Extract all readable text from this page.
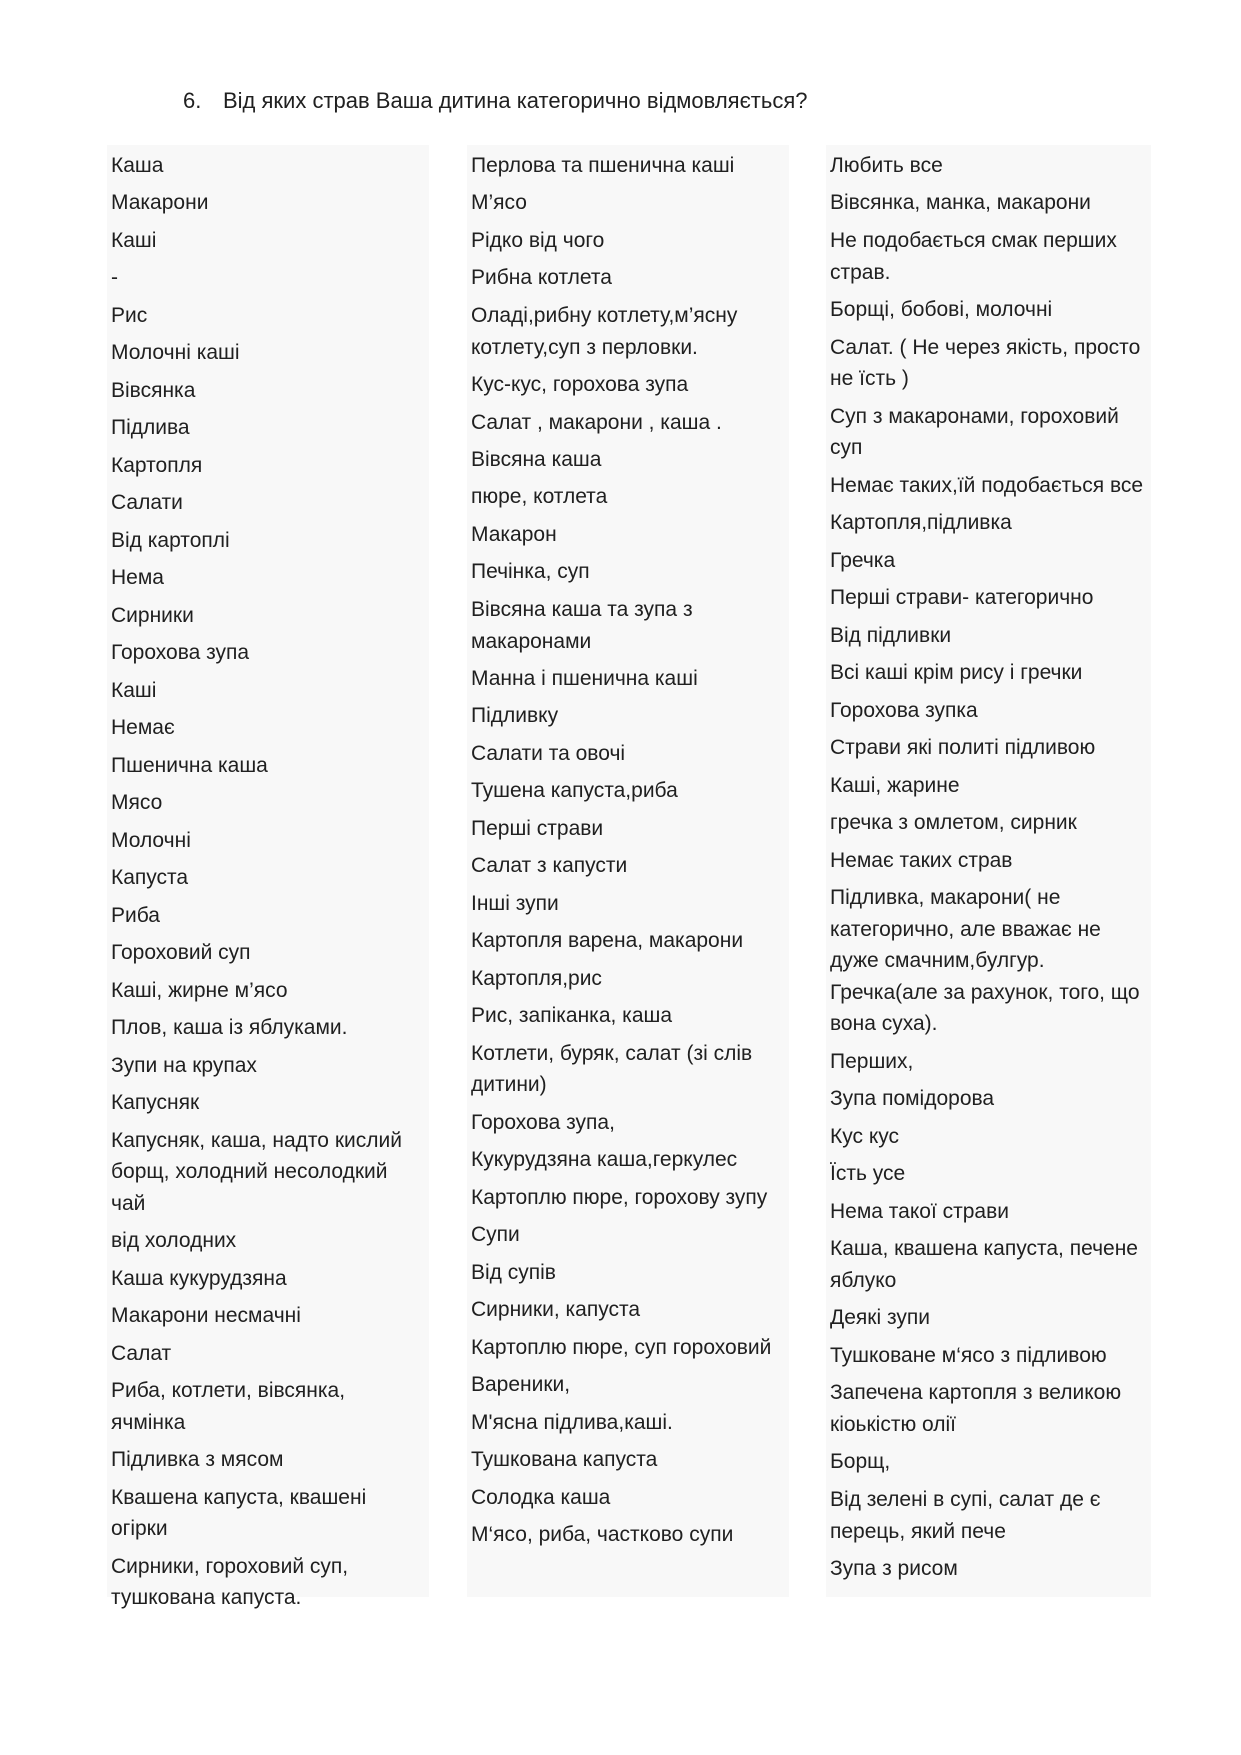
6. Від яких страв Ваша дитина категорично відмовляється?
Каша
Макарони
Каші
-
Рис
Молочні каші
Вівсянка
Підлива
Картопля
Салати
Від картоплі
Нема
Сирники
Горохова зупа
Каші
Немає
Пшенична каша
Мясо
Молочні
Капуста
Риба
Гороховий суп
Каші, жирне м’ясо
Плов, каша із яблуками.
Зупи на крупах
Капусняк
Капусняк, каша, надто кислий борщ, холодний несолодкий чай
від холодних
Каша кукурудзяна
Макарони несмачні
Салат
Риба, котлети, вівсянка, ячмінка
Підливка з мясом
Квашена капуста, квашені огірки
Сирники, гороховий суп, тушкована капуста.
Перлова та пшенична каші
М’ясо
Рідко від чого
Рибна котлета
Оладі,рибну котлету,м’ясну котлету,суп з перловки.
Кус-кус, горохова зупа
Салат , макарони , каша .
Вівсяна каша
пюре, котлета
Макарон
Печінка, суп
Вівсяна каша та зупа з макаронами
Манна і пшенична каші
Підливку
Салати та овочі
Тушена капуста,риба
Перші страви
Салат з капусти
Інші зупи
Картопля варена, макарони
Картопля,рис
Рис, запіканка, каша
Котлети, буряк, салат (зі слів дитини)
Горохова зупа,
Кукурудзяна каша,геркулес
Картоплю пюре, горохову зупу
Супи
Від супів
Сирники, капуста
Картоплю пюре, суп гороховий
Вареники,
М'ясна підлива,каші.
Тушкована капуста
Солодка каша
М‘ясо, риба, частково супи
Любить все
Вівсянка, манка, макарони
Не подобається смак перших страв.
Борщі, бобові, молочні
Салат. ( Не через якість, просто не їсть )
Суп з макаронами, гороховий суп
Немає таких,їй подобається все
Картопля,підливка
Гречка
Перші страви- категорично
Від підливки
Всі каші крім рису і гречки
Горохова зупка
Страви які политі підливою
Каші, жарине
гречка з омлетом, сирник
Немає таких страв
Підливка, макарони( не категорично, але вважає не дуже смачним,булгур. Гречка(але за рахунок, того, що вона суха).
Перших,
Зупа помідорова
Кус кус
Їсть усе
Нема такої страви
Каша, квашена капуста, печене яблуко
Деякі зупи
Тушковане м‘ясо з підливою
Запечена картопля з великою кіоькістю олії
Борщ,
Від зелені в супі, салат де є перець, який пече
Зупа з рисом
